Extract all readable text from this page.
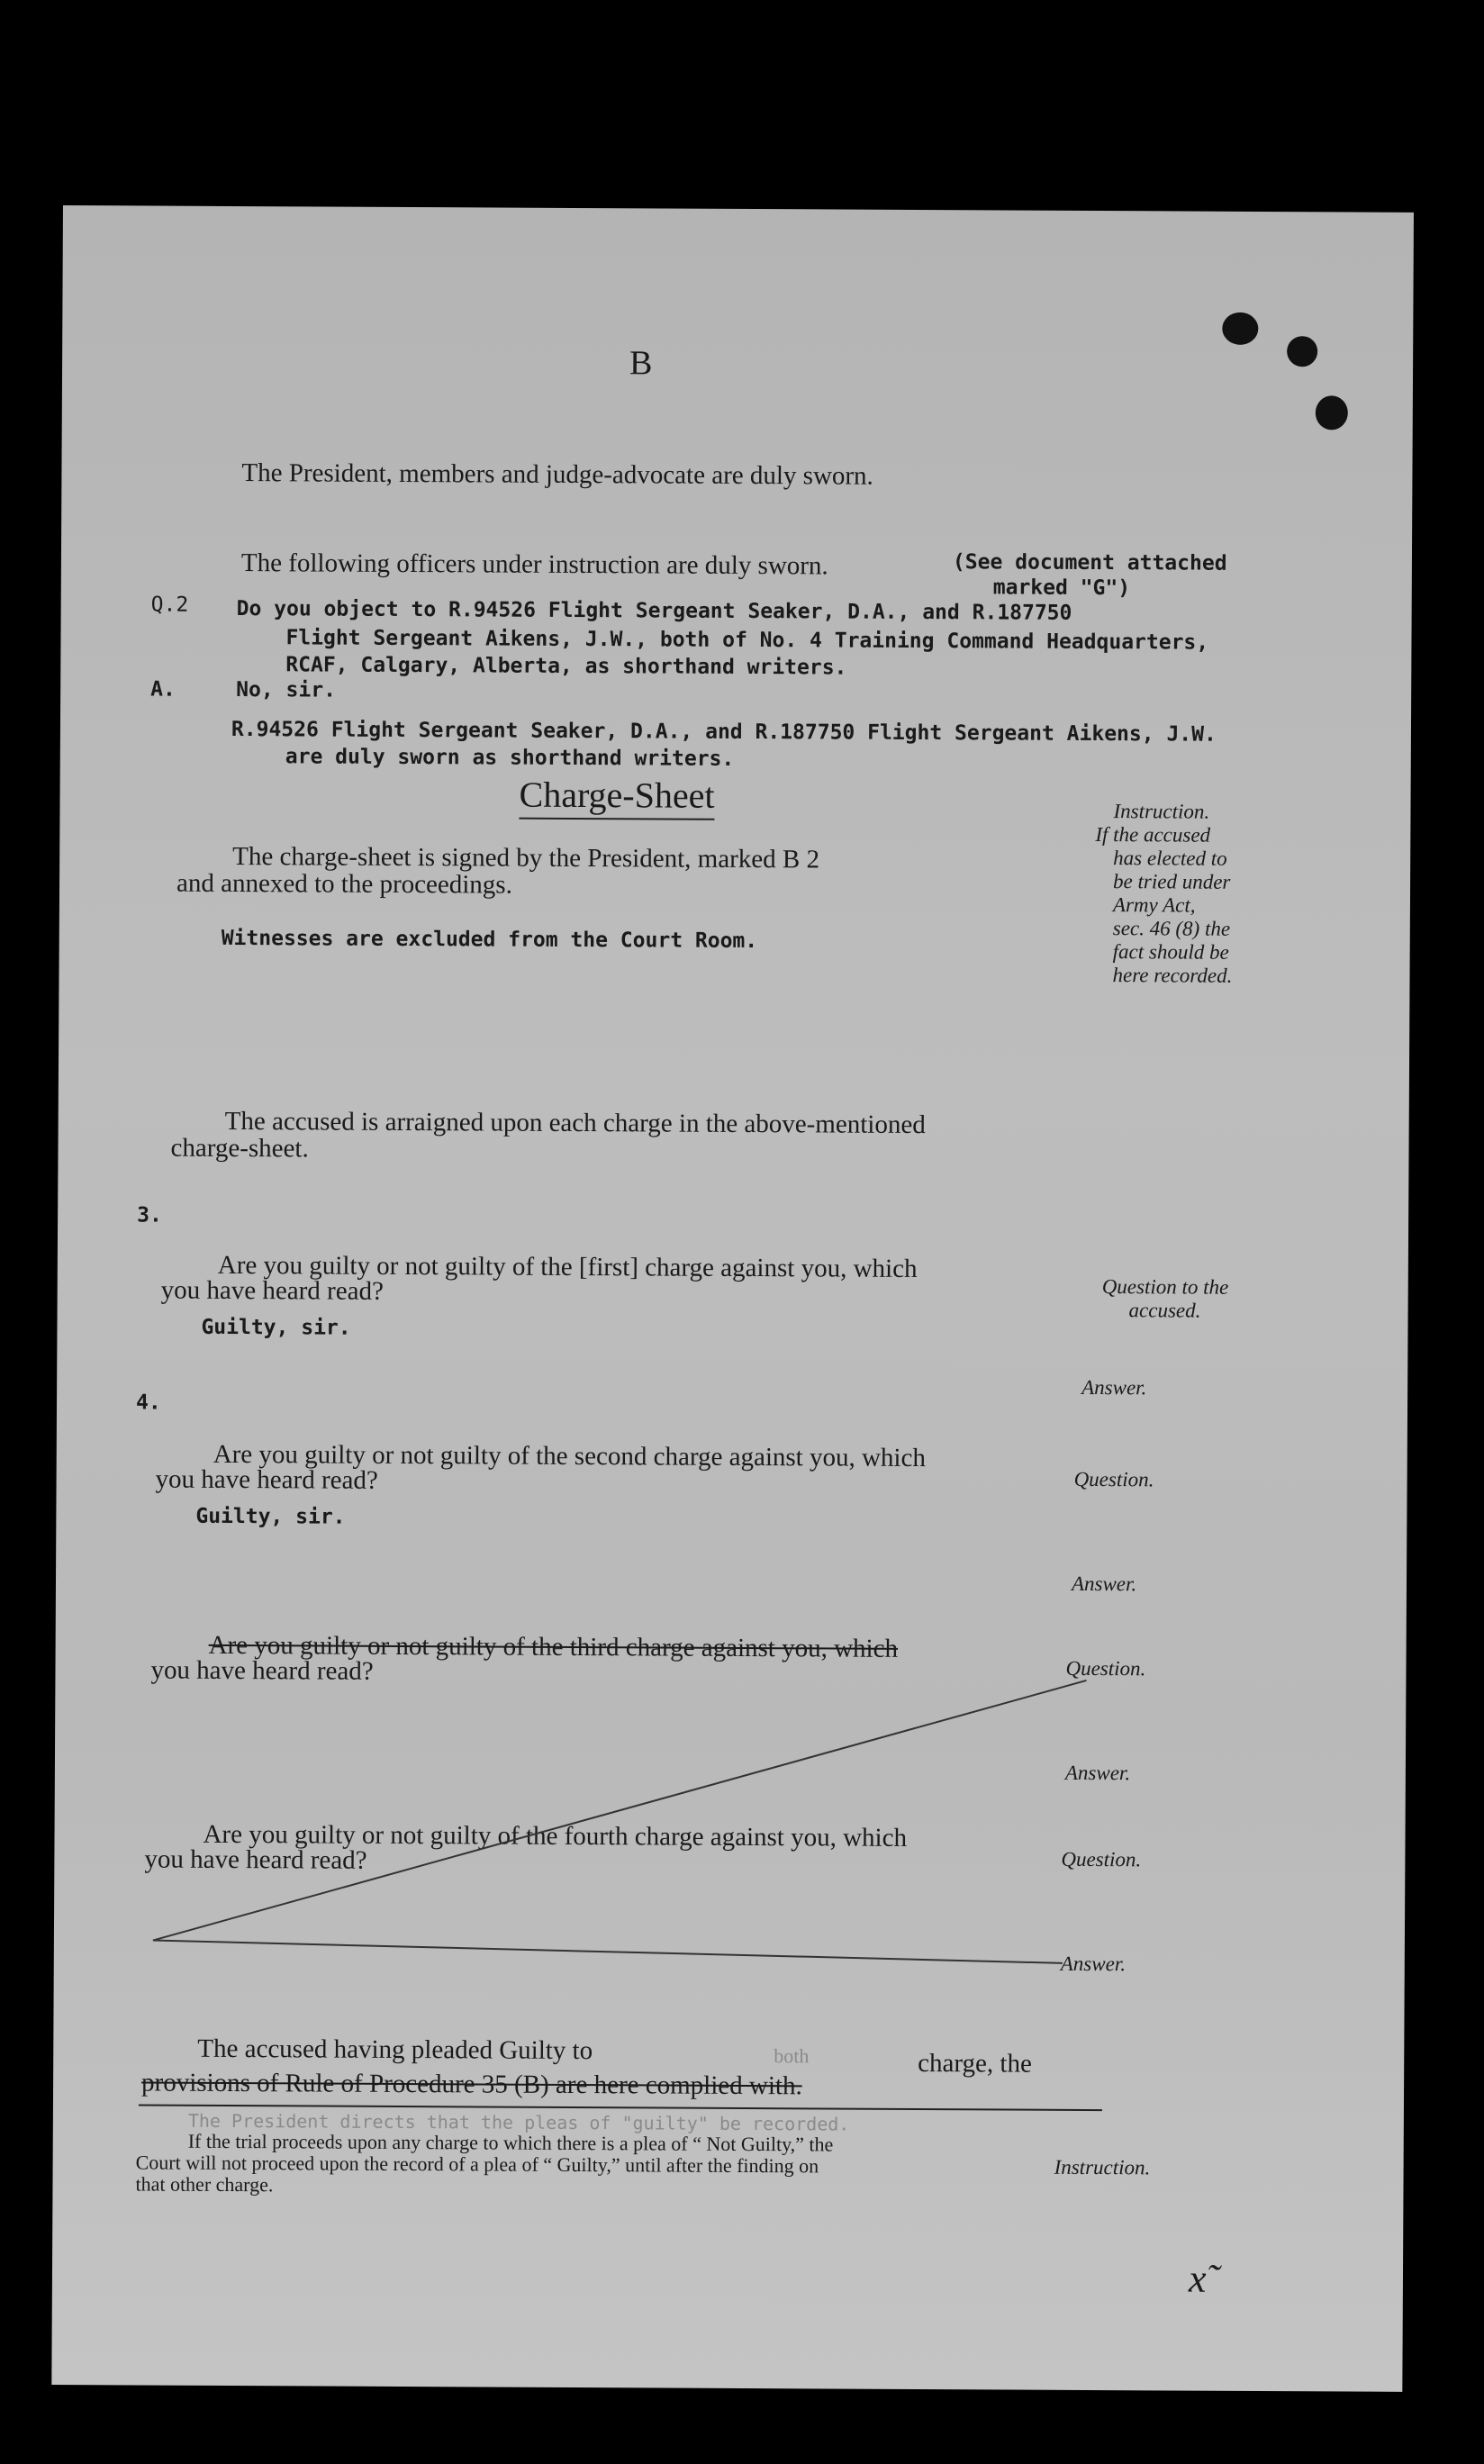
B
The President, members and judge-advocate are duly sworn.
The following officers under instruction are duly sworn.	(See document attached
marked "G")
Q.2 Do you object to R.94526 Flight Sergeant Seaker, D.A., and R.187750
Flight Sergeant Aikens, J.W., both of No. 4 Training Command Headquarters,
RCAF, Calgary, Alberta, as shorthand writers.
A.	No, sir.
R.94526 Flight Sergeant Seaker, D.A., and R.187750 Flight Sergeant Aikens, J.W.
are duly sworn as shorthand writers.
Charge-Sheet
The charge-sheet is signed by the President, marked B 2
and annexed to the proceedings.
Witnesses are excluded from the Court Room.
Instruction.
If the accused
has elected to
be tried under
Army Act,
sec. 46 (8) the
fact should be
here recorded.
The accused is arraigned upon each charge in the above-mentioned
charge-sheet.
3.
Are you guilty or not guilty of the [first] charge against you, which
you have heard read?
Guilty, sir.
Question to the
accused.
Answer.
4.
Are you guilty or not guilty of the second charge against you, which
you have heard read?
Guilty, sir.
Question.
Answer.
Are you guilty or not guilty of the third charge against you, which
you have heard read?	Question.
Answer.
Are you guilty or not guilty of the fourth charge against you, which
you have heard read?	Question.
Answer.
The accused having pleaded Guilty to	both	charge, the
provisions of Rule of Procedure 35 (B) are here complied with.
The President directs that the pleas of "guilty" be recorded.
If the trial proceeds upon any charge to which there is a plea of “ Not Guilty,” the
Court will not proceed upon the record of a plea of “ Guilty,” until after the finding on
that other charge.
Instruction.
x˜
